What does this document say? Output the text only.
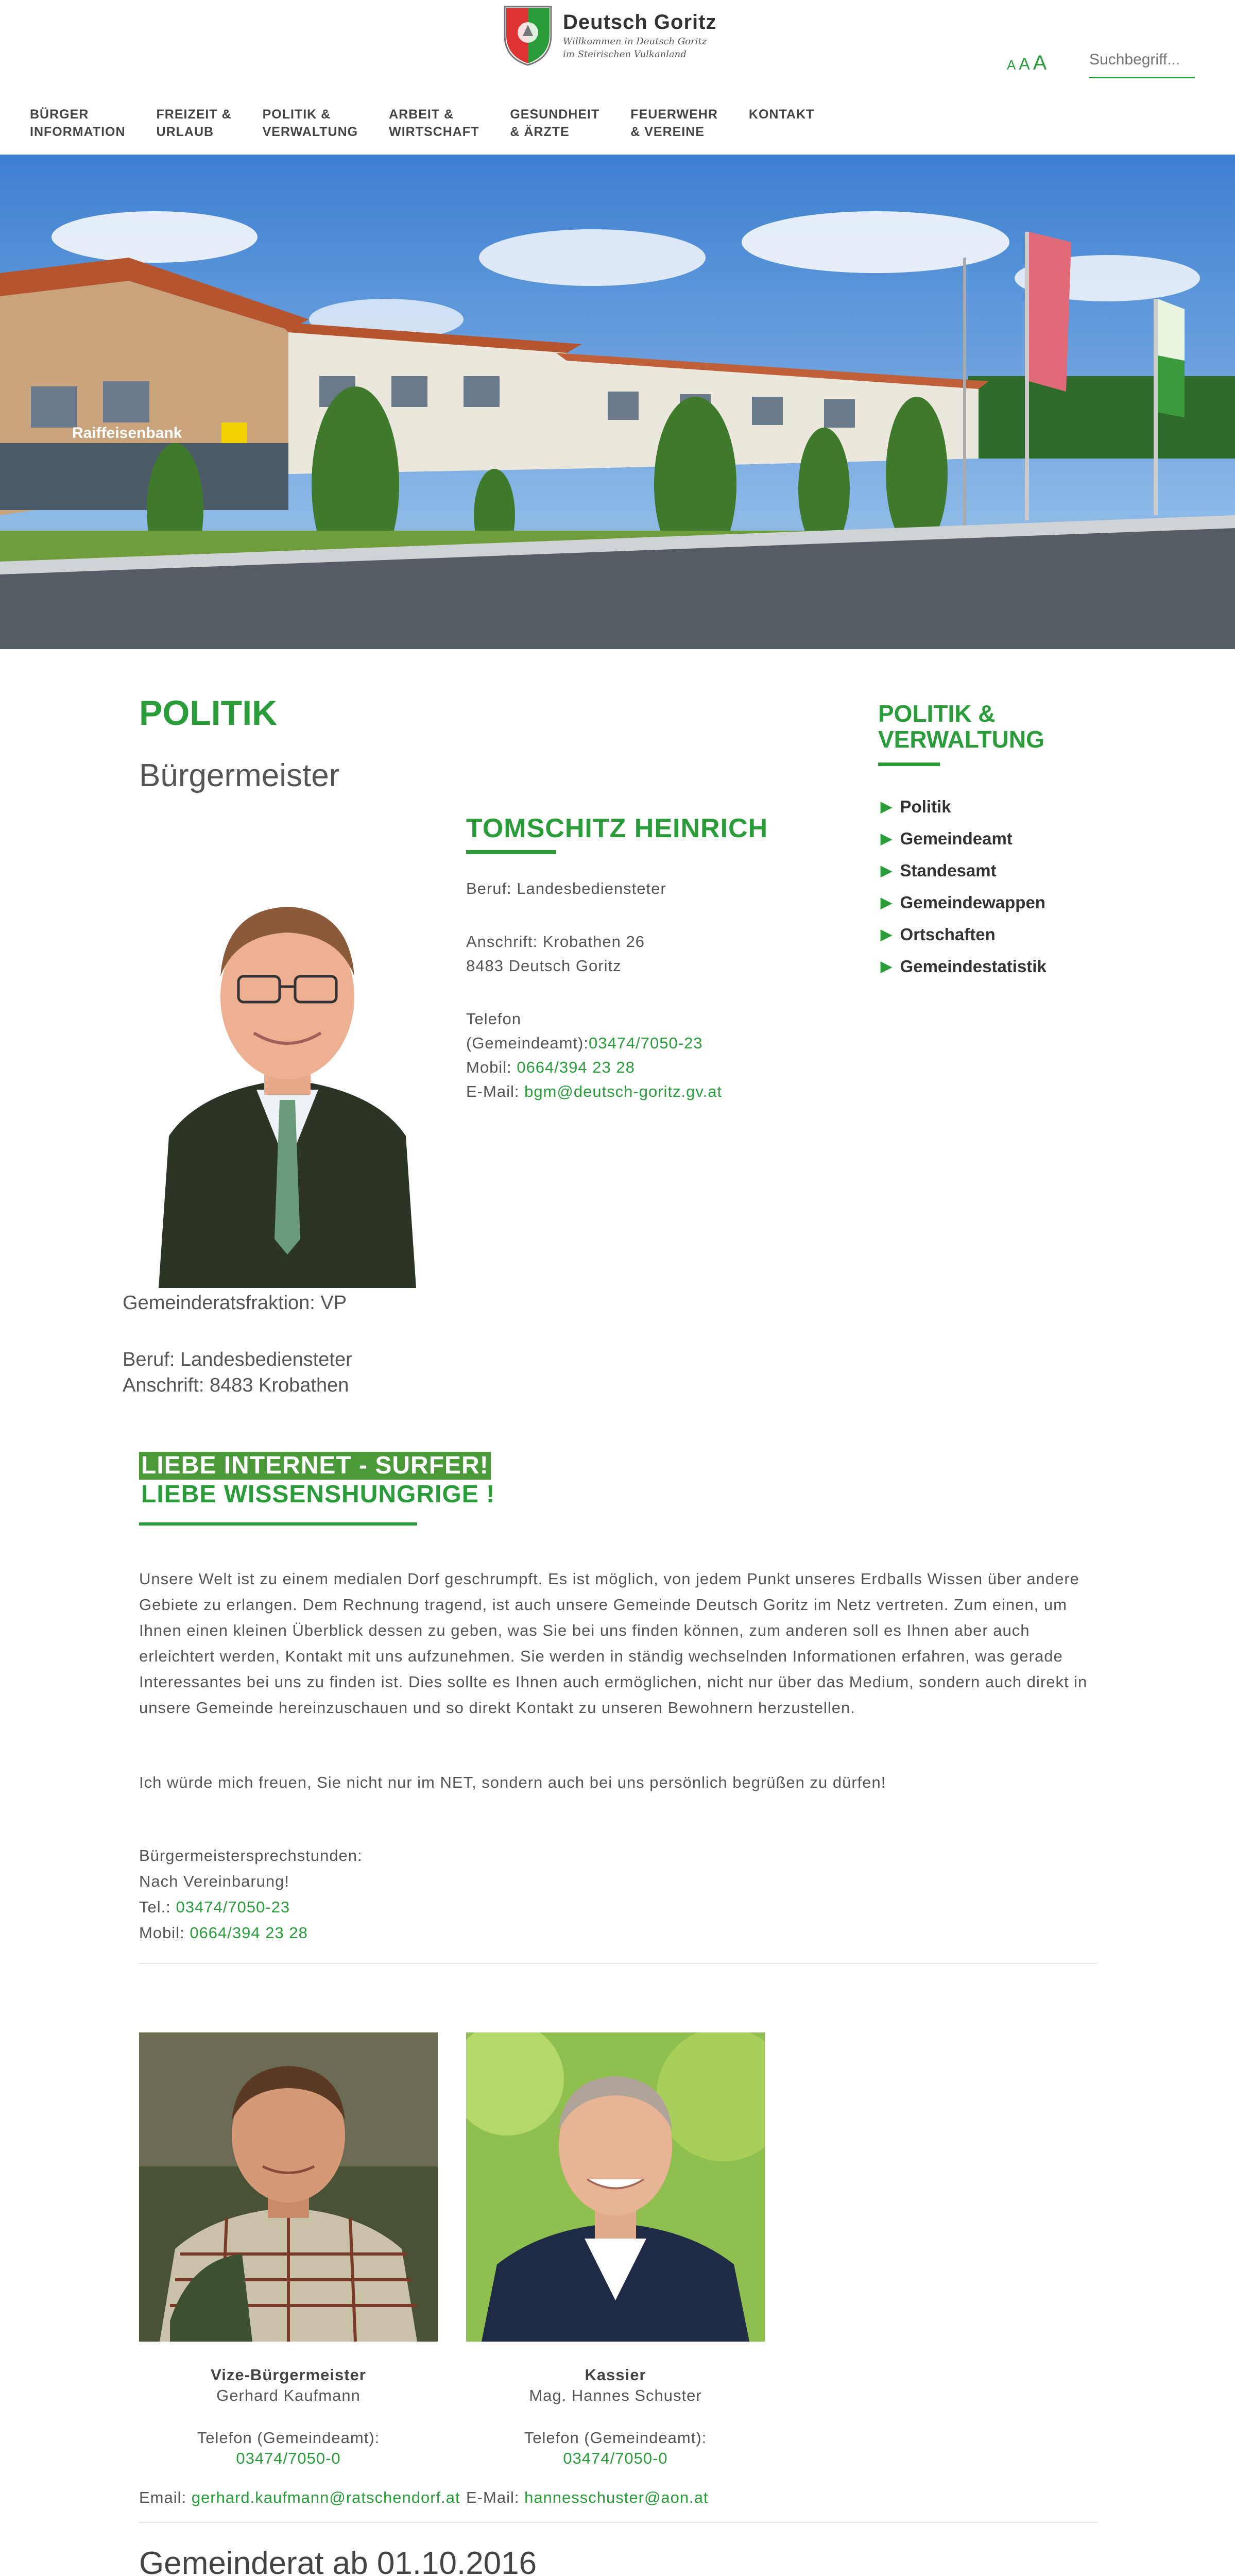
Deutsch Goritz
Willkommen in Deutsch Goritz
im Steirischen Vulkanland
A A A
Suchbegriff...
BÜRGER
INFORMATION
FREIZEIT &
URLAUB
POLITIK &
VERWALTUNG
ARBEIT &
WIRTSCHAFT
GESUNDHEIT
& ÄRZTE
FEUERWEHR
& VEREINE
KONTAKT
Raiffeisenbank
POLITIK
Bürgermeister
TOMSCHITZ HEINRICH
Beruf: Landesbediensteter
Anschrift: Krobathen 26
8483 Deutsch Goritz
Telefon
(Gemeindeamt):03474/7050-23
Mobil: 0664/394 23 28
E-Mail: bgm@deutsch-goritz.gv.at
Gemeinderatsfraktion: VP
Beruf: Landesbediensteter
Anschrift: 8483 Krobathen
POLITIK &
VERWALTUNG
▶ Politik
▶ Gemeindeamt
▶ Standesamt
▶ Gemeindewappen
▶ Ortschaften
▶ Gemeindestatistik
LIEBE INTERNET - SURFER!
LIEBE WISSENSHUNGRIGE !
Unsere Welt ist zu einem medialen Dorf geschrumpft. Es ist möglich, von jedem Punkt unseres Erdballs Wissen über andere Gebiete zu erlangen. Dem Rechnung tragend, ist auch unsere Gemeinde Deutsch Goritz im Netz vertreten. Zum einen, um Ihnen einen kleinen Überblick dessen zu geben, was Sie bei uns finden können, zum anderen soll es Ihnen aber auch erleichtert werden, Kontakt mit uns aufzunehmen. Sie werden in ständig wechselnden Informationen erfahren, was gerade Interessantes bei uns zu finden ist. Dies sollte es Ihnen auch ermöglichen, nicht nur über das Medium, sondern auch direkt in unsere Gemeinde hereinzuschauen und so direkt Kontakt zu unseren Bewohnern herzustellen.
Ich würde mich freuen, Sie nicht nur im NET, sondern auch bei uns persönlich begrüßen zu dürfen!
Bürgermeistersprechstunden:
Nach Vereinbarung!
Tel.: 03474/7050-23
Mobil: 0664/394 23 28
Vize-Bürgermeister
Gerhard Kaufmann
Telefon (Gemeindeamt):
03474/7050-0
Email: gerhard.kaufmann@ratschendorf.at
Kassier
Mag. Hannes Schuster
Telefon (Gemeindeamt):
03474/7050-0
E-Mail: hannesschuster@aon.at
Gemeinderat ab 01.10.2016
